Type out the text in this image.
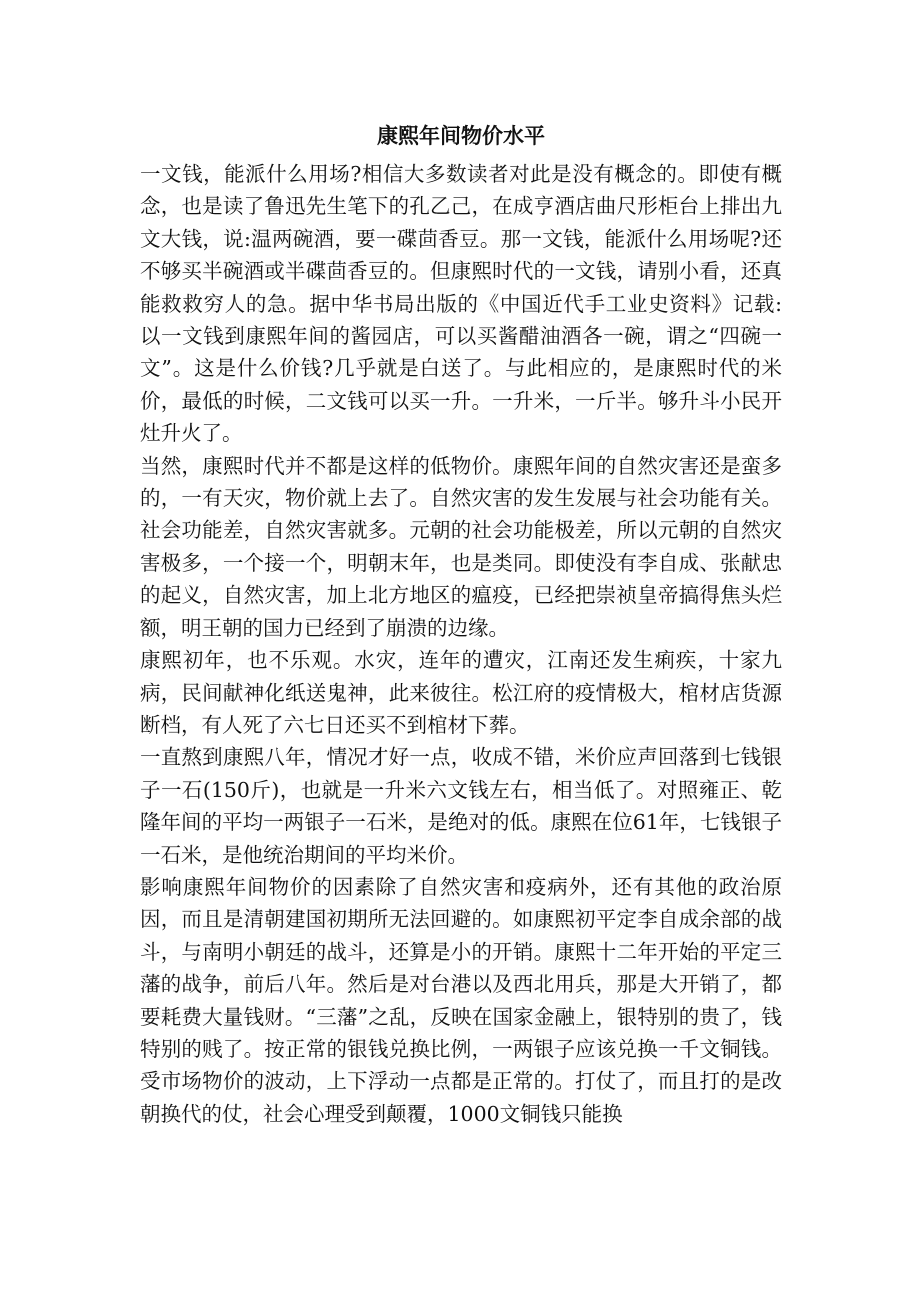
康熙年间物价水平

一文钱，能派什么用场?相信大多数读者对此是没有概念的。即使有概念，也是读了鲁迅先生笔下的孔乙己，在成亨酒店曲尺形柜台上排出九文大钱，说:温两碗酒，要一碟茴香豆。那一文钱，能派什么用场呢?还不够买半碗酒或半碟茴香豆的。但康熙时代的一文钱，请别小看，还真能救救穷人的急。据中华书局出版的《中国近代手工业史资料》记载:以一文钱到康熙年间的酱园店，可以买酱醋油酒各一碗，谓之“四碗一文”。这是什么价钱?几乎就是白送了。与此相应的，是康熙时代的米价，最低的时候，二文钱可以买一升。一升米，一斤半。够升斗小民开灶升火了。

当然，康熙时代并不都是这样的低物价。康熙年间的自然灾害还是蛮多的，一有天灾，物价就上去了。自然灾害的发生发展与社会功能有关。社会功能差，自然灾害就多。元朝的社会功能极差，所以元朝的自然灾害极多，一个接一个，明朝末年，也是类同。即使没有李自成、张献忠的起义，自然灾害，加上北方地区的瘟疫，已经把崇祯皇帝搞得焦头烂额，明王朝的国力已经到了崩溃的边缘。

康熙初年，也不乐观。水灾，连年的遭灾，江南还发生痢疾，十家九病，民间献神化纸送鬼神，此来彼往。松江府的疫情极大，棺材店货源断档，有人死了六七日还买不到棺材下葬。

一直熬到康熙八年，情况才好一点，收成不错，米价应声回落到七钱银子一石(150斤)，也就是一升米六文钱左右，相当低了。对照雍正、乾隆年间的平均一两银子一石米，是绝对的低。康熙在位61年，七钱银子一石米，是他统治期间的平均米价。

影响康熙年间物价的因素除了自然灾害和疫病外，还有其他的政治原因，而且是清朝建国初期所无法回避的。如康熙初平定李自成余部的战斗，与南明小朝廷的战斗，还算是小的开销。康熙十二年开始的平定三藩的战争，前后八年。然后是对台港以及西北用兵，那是大开销了，都要耗费大量钱财。“三藩”之乱，反映在国家金融上，银特别的贵了，钱特别的贱了。按正常的银钱兑换比例，一两银子应该兑换一千文铜钱。受市场物价的波动，上下浮动一点都是正常的。打仗了，而且打的是改朝换代的仗，社会心理受到颠覆，1000文铜钱只能换
